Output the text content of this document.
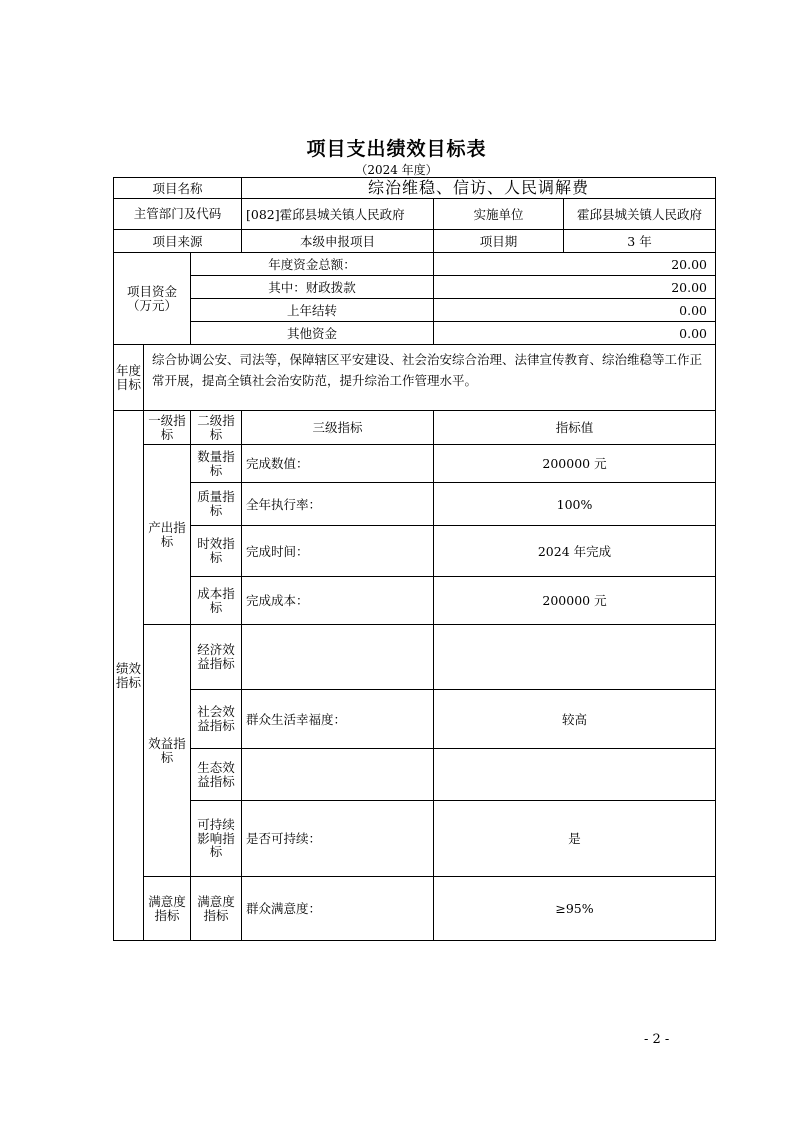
项目支出绩效目标表
（2024 年度）
项目名称			综治维稳、信访、人民调解费		
主管部门及代码			[082]霍邱县城关镇人民政府	实施单位	霍邱县城关镇人民政府
项目来源			本级申报项目	项目期	3 年
项目资金（万元）		年度资金总额：		20.00	
		其中：财政拨款		20.00	
		上年结转		0.00	
		其他资金		0.00	
年度目标	综合协调公安、司法等，保障辖区平安建设、社会治安综合治理、法律宣传教育、综治维稳等工作正常开展，提高全镇社会治安防范，提升综治工作管理水平。				
绩效指标	一级指标	二级指标	三级指标	指标值	
	产出指标	数量指标	完成数值：	200000 元	
		质量指标	全年执行率：	100%	
		时效指标	完成时间：	2024 年完成	
		成本指标	完成成本：	200000 元	
	效益指标	经济效益指标			
		社会效益指标	群众生活幸福度：	较高	
		生态效益指标			
		可持续影响指标	是否可持续：	是	
	满意度指标	满意度指标	群众满意度：	≥95%	
- 2 -
